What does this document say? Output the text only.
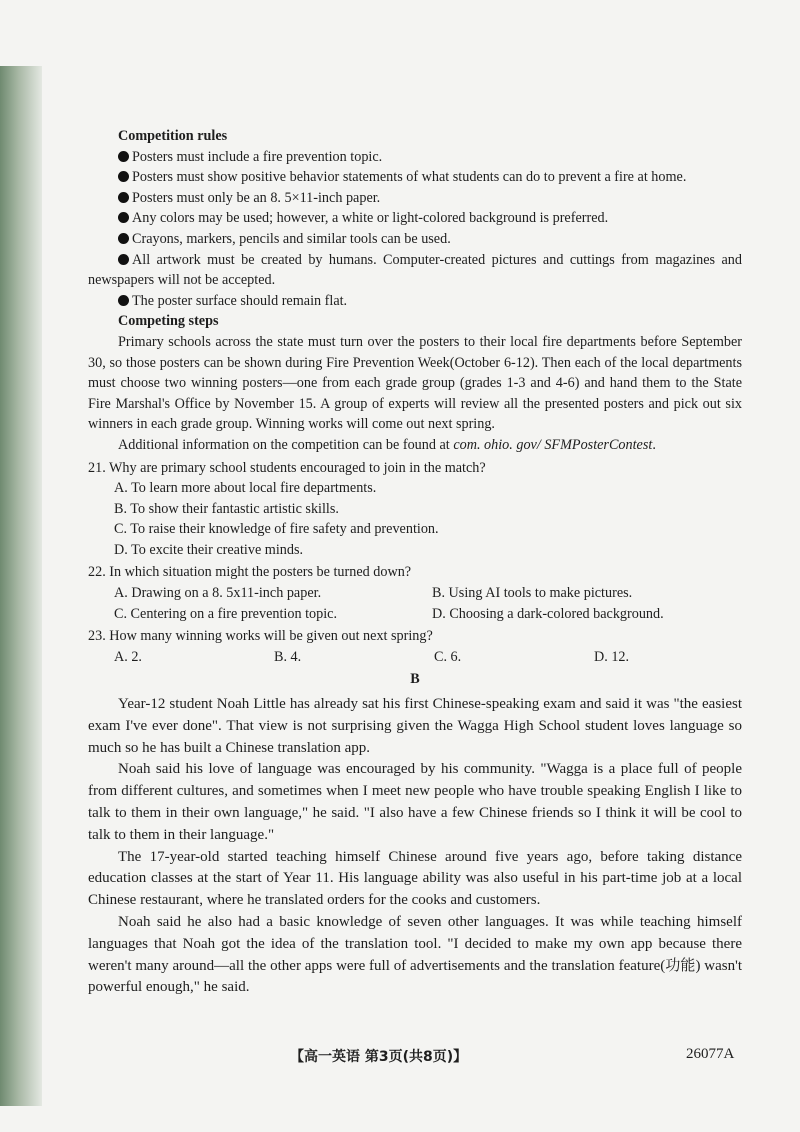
Competition rules

Posters must include a fire prevention topic.

Posters must show positive behavior statements of what students can do to prevent a fire at home.

Posters must only be an 8. 5×11-inch paper.

Any colors may be used; however, a white or light-colored background is preferred.

Crayons, markers, pencils and similar tools can be used.

All artwork must be created by humans. Computer-created pictures and cuttings from magazines and newspapers will not be accepted.

The poster surface should remain flat.

Competing steps

Primary schools across the state must turn over the posters to their local fire departments before September 30, so those posters can be shown during Fire Prevention Week(October 6-12). Then each of the local departments must choose two winning posters—one from each grade group (grades 1-3 and 4-6) and hand them to the State Fire Marshal's Office by November 15. A group of experts will review all the presented posters and pick out six winners in each grade group. Winning works will come out next spring.

Additional information on the competition can be found at com. ohio. gov/ SFMPosterContest.

21. Why are primary school students encouraged to join in the match?

A. To learn more about local fire departments.

B. To show their fantastic artistic skills.

C. To raise their knowledge of fire safety and prevention.

D. To excite their creative minds.

22. In which situation might the posters be turned down?

A. Drawing on a 8. 5x11-inch paper.	B. Using AI tools to make pictures.
C. Centering on a fire prevention topic.	D. Choosing a dark-colored background.

23. How many winning works will be given out next spring?

A. 2.	B. 4.	C. 6.	D. 12.

B

Year-12 student Noah Little has already sat his first Chinese-speaking exam and said it was "the easiest exam I've ever done". That view is not surprising given the Wagga High School student loves language so much so he has built a Chinese translation app.

Noah said his love of language was encouraged by his community. "Wagga is a place full of people from different cultures, and sometimes when I meet new people who have trouble speaking English I like to talk to them in their own language," he said. "I also have a few Chinese friends so I think it will be cool to talk to them in their language."

The 17-year-old started teaching himself Chinese around five years ago, before taking distance education classes at the start of Year 11. His language ability was also useful in his part-time job at a local Chinese restaurant, where he translated orders for the cooks and customers.

Noah said he also had a basic knowledge of seven other languages. It was while teaching himself languages that Noah got the idea of the translation tool. "I decided to make my own app because there weren't many around—all the other apps were full of advertisements and the translation feature(功能) wasn't powerful enough," he said.

【高一英语 第3页(共8页)】	26077A
